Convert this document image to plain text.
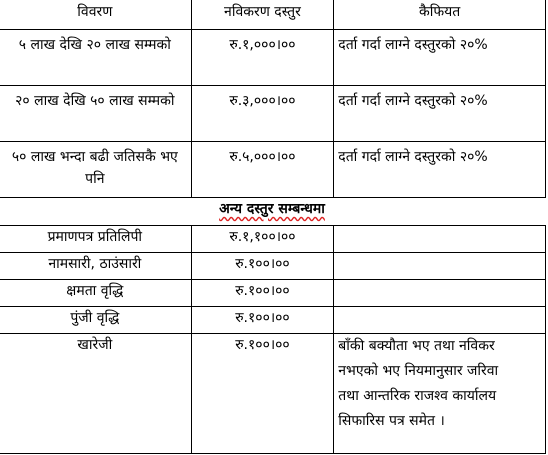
विवरण	नविकरण दस्तुर	कैफियत
५ लाख देखि २० लाख सम्मको	रु.१,०००।००	दर्ता गर्दा लाग्ने दस्तुरको २०%
२० लाख देखि ५० लाख सम्मको	रु.३,०००।००	दर्ता गर्दा लाग्ने दस्तुरको २०%
५० लाख भन्दा बढी जतिसकै भए पनि	रु.५,०००।००	दर्ता गर्दा लाग्ने दस्तुरको २०%
अन्य दस्तुर सम्बन्धमा		
प्रमाणपत्र प्रतिलिपी	रु.१,१००।००	
नामसारी, ठाउंसारी	रु.१००।००	
क्षमता वृद्धि	रु.१००।००	
पुंजी वृद्धि	रु.१००।००	
खारेजी	रु.१००।००	बाँकी बक्यौता भए तथा नविकर
नभएको भए नियमानुसार जरिवा
तथा आन्तरिक राजश्व कार्यालय
सिफारिस पत्र समेत ।
